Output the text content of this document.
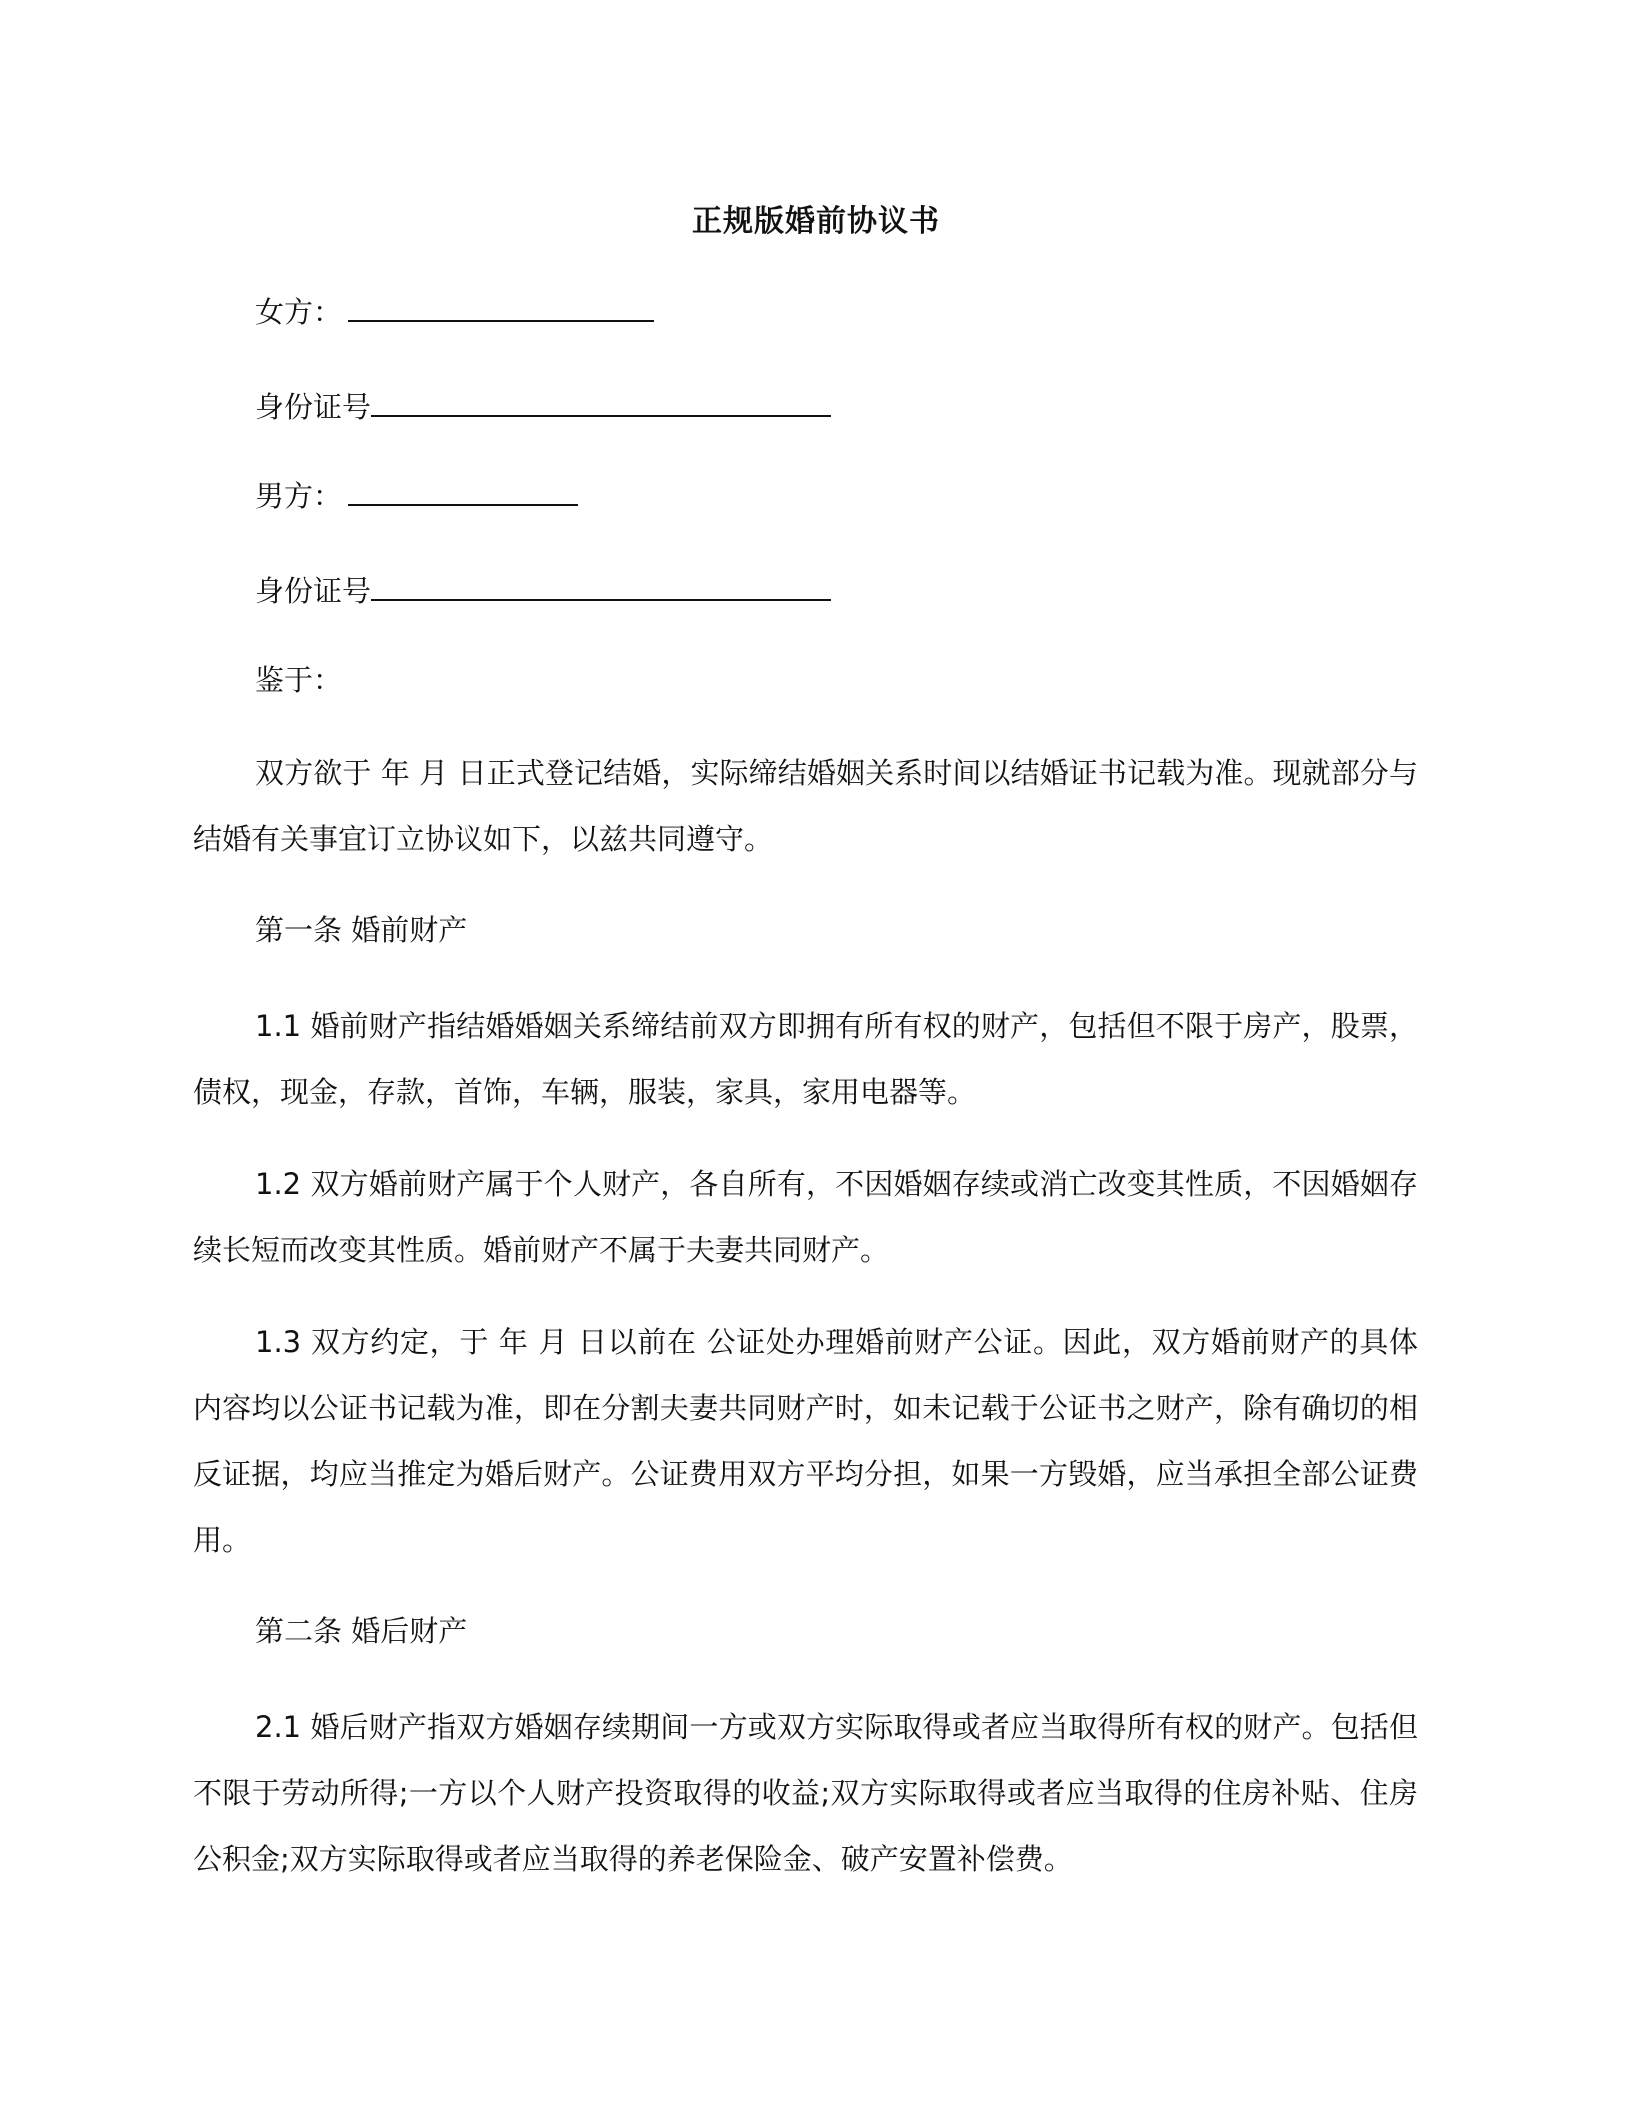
正规版婚前协议书
女方：
身份证号
男方：
身份证号
鉴于：

双方欲于 年 月 日正式登记结婚，实际缔结婚姻关系时间以结婚证书记载为准。现就部分与结婚有关事宜订立协议如下，以兹共同遵守。

第一条 婚前财产

1.1 婚前财产指结婚婚姻关系缔结前双方即拥有所有权的财产，包括但不限于房产，股票，债权，现金，存款，首饰，车辆，服装，家具，家用电器等。

1.2 双方婚前财产属于个人财产，各自所有，不因婚姻存续或消亡改变其性质，不因婚姻存续长短而改变其性质。婚前财产不属于夫妻共同财产。

1.3 双方约定，于 年 月 日以前在 公证处办理婚前财产公证。因此，双方婚前财产的具体内容均以公证书记载为准，即在分割夫妻共同财产时，如未记载于公证书之财产，除有确切的相反证据，均应当推定为婚后财产。公证费用双方平均分担，如果一方毁婚，应当承担全部公证费用。

第二条 婚后财产

2.1 婚后财产指双方婚姻存续期间一方或双方实际取得或者应当取得所有权的财产。包括但不限于劳动所得;一方以个人财产投资取得的收益;双方实际取得或者应当取得的住房补贴、住房公积金;双方实际取得或者应当取得的养老保险金、破产安置补偿费。
